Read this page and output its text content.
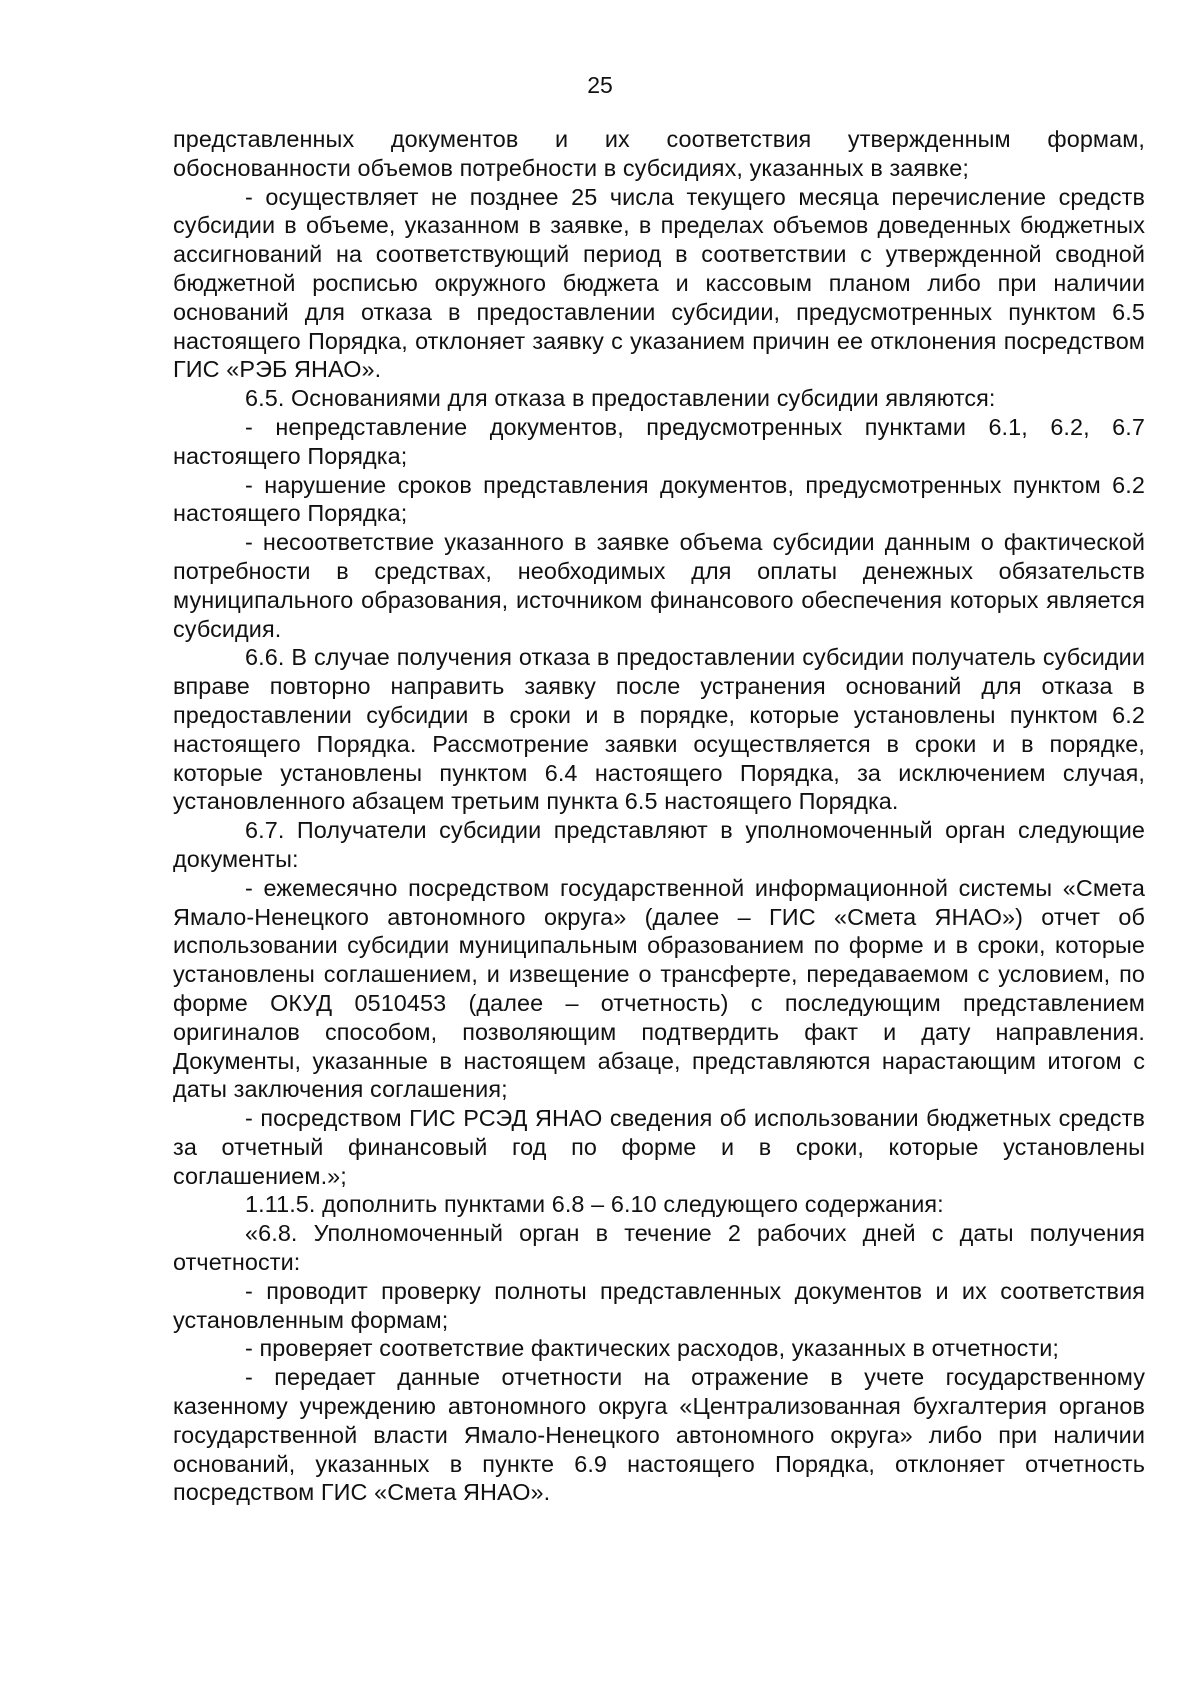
25

представленных документов и их соответствия утвержденным формам, обоснованности объемов потребности в субсидиях, указанных в заявке;

- осуществляет не позднее 25 числа текущего месяца перечисление средств субсидии в объеме, указанном в заявке, в пределах объемов доведенных бюджетных ассигнований на соответствующий период в соответствии с утвержденной сводной бюджетной росписью окружного бюджета и кассовым планом либо при наличии оснований для отказа в предоставлении субсидии, предусмотренных пунктом 6.5 настоящего Порядка, отклоняет заявку с указанием причин ее отклонения посредством ГИС «РЭБ ЯНАО».

6.5. Основаниями для отказа в предоставлении субсидии являются:

- непредставление документов, предусмотренных пунктами 6.1, 6.2, 6.7 настоящего Порядка;

- нарушение сроков представления документов, предусмотренных пунктом 6.2 настоящего Порядка;

- несоответствие указанного в заявке объема субсидии данным о фактической потребности в средствах, необходимых для оплаты денежных обязательств муниципального образования, источником финансового обеспечения которых является субсидия.

6.6. В случае получения отказа в предоставлении субсидии получатель субсидии вправе повторно направить заявку после устранения оснований для отказа в предоставлении субсидии в сроки и в порядке, которые установлены пунктом 6.2 настоящего Порядка. Рассмотрение заявки осуществляется в сроки и в порядке, которые установлены пунктом 6.4 настоящего Порядка, за исключением случая, установленного абзацем третьим пункта 6.5 настоящего Порядка.

6.7. Получатели субсидии представляют в уполномоченный орган следующие документы:

- ежемесячно посредством государственной информационной системы «Смета Ямало-Ненецкого автономного округа» (далее – ГИС «Смета ЯНАО») отчет об использовании субсидии муниципальным образованием по форме и в сроки, которые установлены соглашением, и извещение о трансферте, передаваемом с условием, по форме ОКУД 0510453 (далее – отчетность) с последующим представлением оригиналов способом, позволяющим подтвердить факт и дату направления. Документы, указанные в настоящем абзаце, представляются нарастающим итогом с даты заключения соглашения;

- посредством ГИС РСЭД ЯНАО сведения об использовании бюджетных средств за отчетный финансовый год по форме и в сроки, которые установлены соглашением.»;

1.11.5. дополнить пунктами 6.8 – 6.10 следующего содержания:

«6.8. Уполномоченный орган в течение 2 рабочих дней с даты получения отчетности:

- проводит проверку полноты представленных документов и их соответствия установленным формам;

- проверяет соответствие фактических расходов, указанных в отчетности;

- передает данные отчетности на отражение в учете государственному казенному учреждению автономного округа «Централизованная бухгалтерия органов государственной власти Ямало-Ненецкого автономного округа» либо при наличии оснований, указанных в пункте 6.9 настоящего Порядка, отклоняет отчетность посредством ГИС «Смета ЯНАО».
